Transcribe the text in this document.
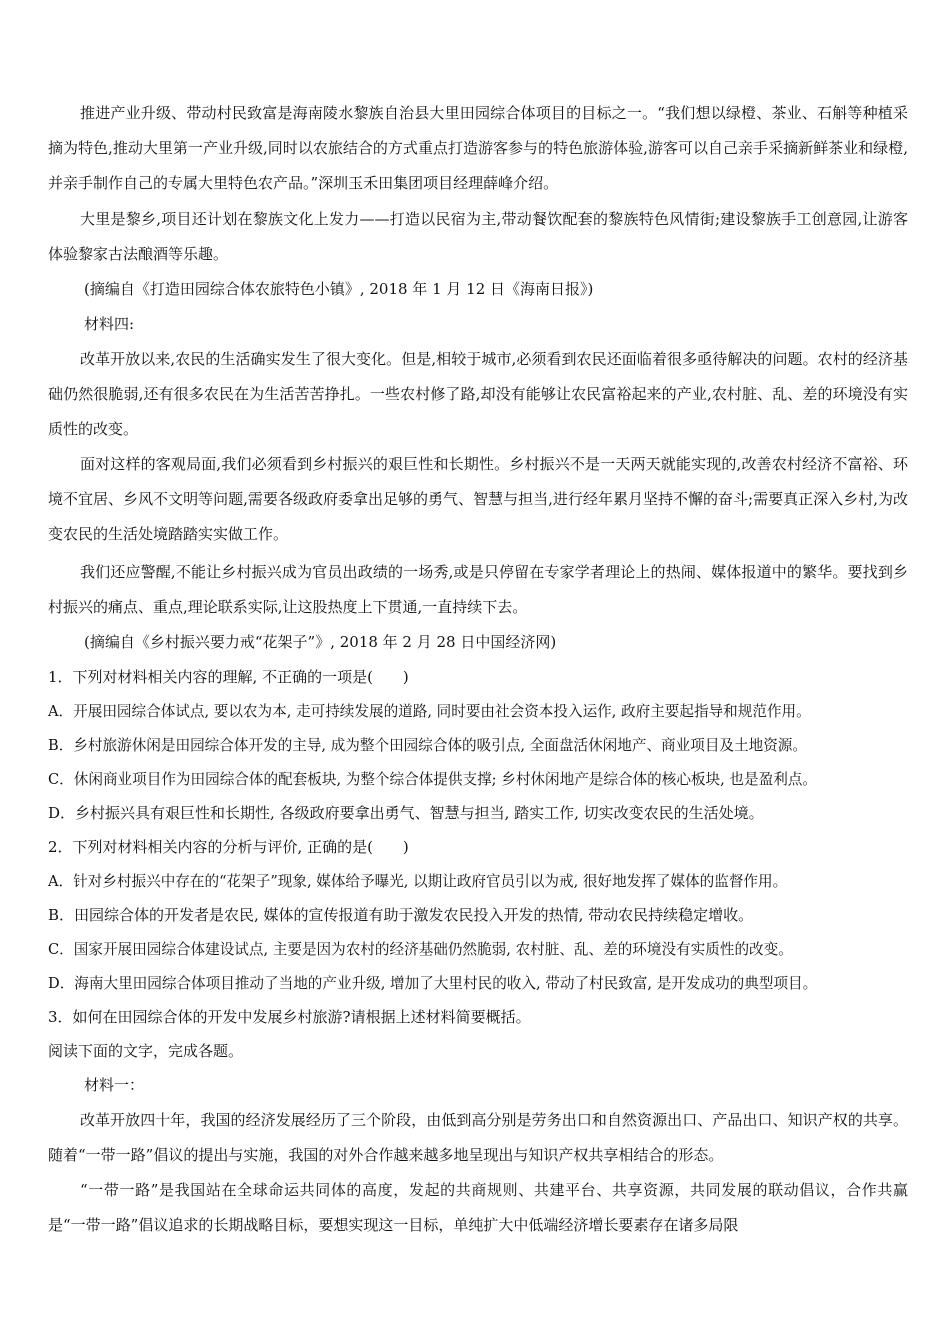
推进产业升级、带动村民致富是海南陵水黎族自治县大里田园综合体项目的目标之一。“我们想以绿橙、茶业、石斛等种植采摘为特色,推动大里第一产业升级,同时以农旅结合的方式重点打造游客参与的特色旅游体验,游客可以自己亲手采摘新鲜茶业和绿橙,并亲手制作自己的专属大里特色农产品。”深圳玉禾田集团项目经理薛峰介绍。

大里是黎乡,项目还计划在黎族文化上发力——打造以民宿为主,带动餐饮配套的黎族特色风情街;建设黎族手工创意园,让游客体验黎家古法酿酒等乐趣。

(摘编自《打造田园综合体农旅特色小镇》, 2018 年 1 月 12 日《海南日报》)

材料四:

改革开放以来,农民的生活确实发生了很大变化。但是,相较于城市,必须看到农民还面临着很多亟待解决的问题。农村的经济基础仍然很脆弱,还有很多农民在为生活苦苦挣扎。一些农村修了路,却没有能够让农民富裕起来的产业,农村脏、乱、差的环境没有实质性的改变。

面对这样的客观局面,我们必须看到乡村振兴的艰巨性和长期性。乡村振兴不是一天两天就能实现的,改善农村经济不富裕、环境不宜居、乡风不文明等问题,需要各级政府委拿出足够的勇气、智慧与担当,进行经年累月坚持不懈的奋斗;需要真正深入乡村,为改变农民的生活处境踏踏实实做工作。

我们还应警醒,不能让乡村振兴成为官员出政绩的一场秀,或是只停留在专家学者理论上的热闹、媒体报道中的繁华。要找到乡村振兴的痛点、重点,理论联系实际,让这股热度上下贯通,一直持续下去。

(摘编自《乡村振兴要力戒“花架子”》, 2018 年 2 月 28 日中国经济网)

1．下列对材料相关内容的理解, 不正确的一项是(　　)

A．开展田园综合体试点, 要以农为本, 走可持续发展的道路, 同时要由社会资本投入运作, 政府主要起指导和规范作用。

B．乡村旅游休闲是田园综合体开发的主导, 成为整个田园综合体的吸引点, 全面盘活休闲地产、商业项目及土地资源。

C．休闲商业项目作为田园综合体的配套板块, 为整个综合体提供支撑; 乡村休闲地产是综合体的核心板块, 也是盈利点。

D．乡村振兴具有艰巨性和长期性, 各级政府要拿出勇气、智慧与担当, 踏实工作, 切实改变农民的生活处境。

2．下列对材料相关内容的分析与评价, 正确的是(　　)

A．针对乡村振兴中存在的“花架子”现象, 媒体给予曝光, 以期让政府官员引以为戒, 很好地发挥了媒体的监督作用。

B．田园综合体的开发者是农民, 媒体的宣传报道有助于激发农民投入开发的热情, 带动农民持续稳定增收。

C．国家开展田园综合体建设试点, 主要是因为农村的经济基础仍然脆弱, 农村脏、乱、差的环境没有实质性的改变。

D．海南大里田园综合体项目推动了当地的产业升级, 增加了大里村民的收入, 带动了村民致富, 是开发成功的典型项目。

3．如何在田园综合体的开发中发展乡村旅游?请根据上述材料简要概括。

阅读下面的文字，完成各题。

材料一：

改革开放四十年，我国的经济发展经历了三个阶段，由低到高分别是劳务出口和自然资源出口、产品出口、知识产权的共享。随着“一带一路”倡议的提出与实施，我国的对外合作越来越多地呈现出与知识产权共享相结合的形态。

“一带一路”是我国站在全球命运共同体的高度，发起的共商规则、共建平台、共享资源，共同发展的联动倡议，合作共赢是“一带一路”倡议追求的长期战略目标，要想实现这一目标，单纯扩大中低端经济增长要素存在诸多局限
